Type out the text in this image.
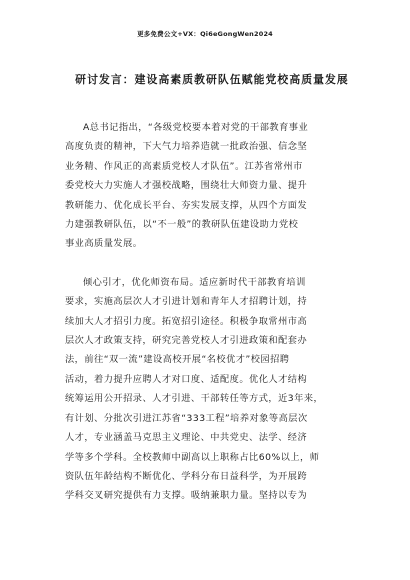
更多免费公文+VX：Qi6eGongWen2024
研讨发言：建设高素质教研队伍赋能党校高质量发展

A总书记指出，“各级党校要本着对党的干部教育事业
高度负责的精神，下大气力培养造就一批政治强、信念坚
业务精、作风正的高素质党校人才队伍”。江苏省常州市
委党校大力实施人才强校战略，围绕壮大师资力量、提升
教研能力、优化成长平台、夯实发展支撑，从四个方面发
力建强教研队伍，以“不一般”的教研队伍建设助力党校
事业高质量发展。

倾心引才，优化师资布局。适应新时代干部教育培训
要求，实施高层次人才引进计划和青年人才招聘计划，持
续加大人才招引力度。拓宽招引途径。积极争取常州市高
层次人才政策支持，研究完善党校人才引进政策和配套办
法，前往“双一流”建设高校开展“名校优才”校园招聘
活动，着力提升应聘人才对口度、适配度。优化人才结构
统筹运用公开招录、人才引进、干部转任等方式，近3年来，
有计划、分批次引进江苏省“333工程”培养对象等高层次
人才，专业涵盖马克思主义理论、中共党史、法学、经济
学等多个学科。全校教师中副高以上职称占比60%以上，师
资队伍年龄结构不断优化、学科分布日益科学，为开展跨
学科交叉研究提供有力支撑。吸纳兼职力量。坚持以专为
